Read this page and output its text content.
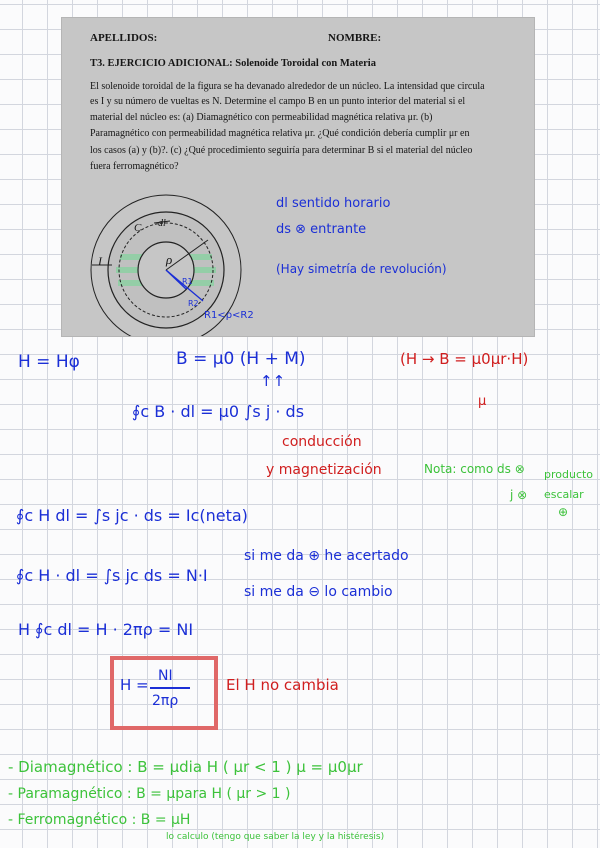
APELLIDOS:	NOMBRE:
T3. EJERCICIO ADICIONAL: Solenoide Toroidal con Materia
El solenoide toroidal de la figura se ha devanado alrededor de un núcleo. La intensidad que circula
es I y su número de vueltas es N. Determine el campo B en un punto interior del material si el
material del núcleo es: (a) Diamagnético con permeabilidad magnética relativa μr. (b)
Paramagnético con permeabilidad magnética relativa μr. ¿Qué condición debería cumplir μr en
los casos (a) y (b)?. (c) ¿Qué procedimiento seguiría para determinar B si el material del núcleo
fuera ferromagnético?
I
C dl
ρ
R1
R2
dl sentido horario
ds ⊗ entrante
(Hay simetría de revolución)
R1<ρ<R2
H = Hφ	B = μ0 (H + M)
↑↑
(H → B = μ0μr·H)
μ
∮c B · dl = μ0 ∫s j · ds
conducción
y magnetización	Nota: como ds ⊗
j ⊗
producto
escalar
⊕
∮c H dl = ∫s jc · ds = Ic(neta)
∮c H · dl = ∫s jc ds = N·I
si me da ⊕ he acertado
si me da ⊖ lo cambio
H ∮c dl = H · 2πρ = NI
H = NI
2πρ
El H no cambia
- Diamagnético : B = μdia H ( μr < 1 ) μ = μ0μr
- Paramagnético : B = μpara H ( μr > 1 )
- Ferromagnético : B = μH
lo calculo (tengo que saber la ley y la histéresis)
